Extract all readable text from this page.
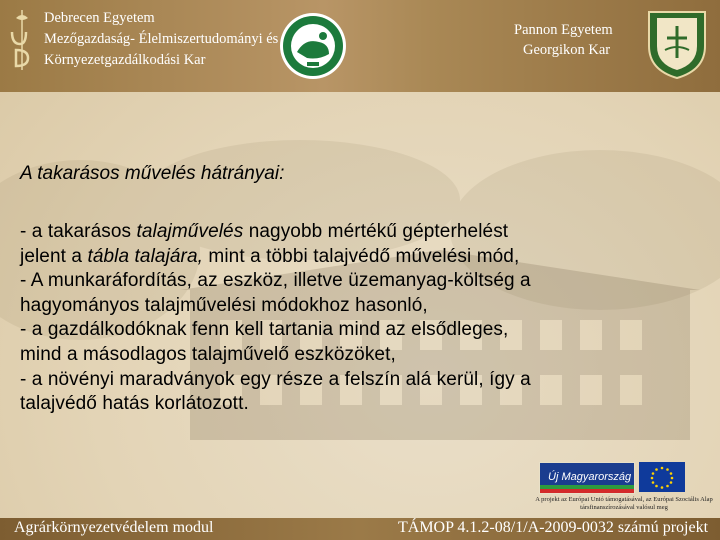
Debrecen Egyetem
Mezőgazdaság- Élelmiszertudományi és
Környezetgazdálkodási Kar
Pannon Egyetem
Georgikon Kar
A takarásos művelés hátrányai:
- a takarásos talajművelés nagyobb mértékű gépterhelést
jelent a tábla talajára, mint a többi talajvédő művelési mód,
- A munkaráfordítás, az eszköz, illetve üzemanyag-költség a
hagyományos talajművelési módokhoz hasonló,
- a gazdálkodóknak fenn kell tartania mind az elsődleges,
mind a másodlagos talajművelő eszközöket,
- a növényi maradványok egy része a felszín alá kerül, így a
talajvédő hatás korlátozott.
Új Magyarország
A projekt az Európai Unió támogatásával, az Európai Szociális Alap társfinanszírozásával valósul meg
Agrárkörnyezetvédelem modul	TÁMOP 4.1.2-08/1/A-2009-0032 számú projekt
